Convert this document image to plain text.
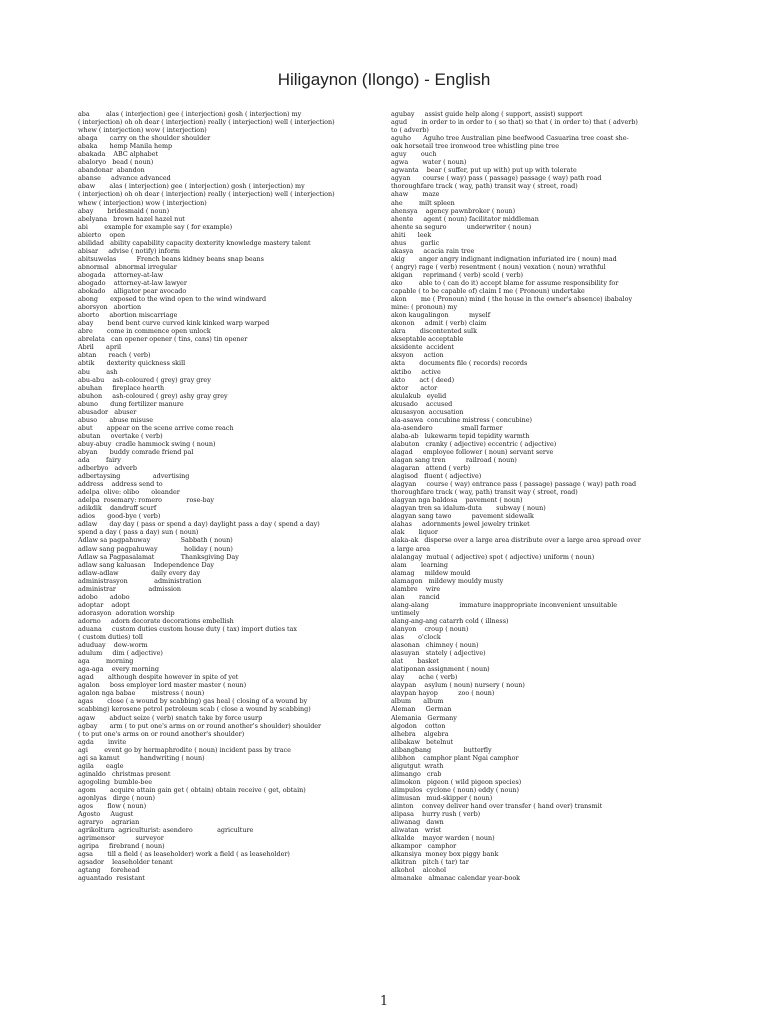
Hiligaynon (Ilongo) - English
aba        alas ( interjection) gee ( interjection) gosh ( interjection) my
( interjection) oh oh dear ( interjection) really ( interjection) well ( interjection)
whew ( interjection) wow ( interjection)
abaga      carry on the shoulder shoulder
abaka      hemp Manila hemp
abakada    ABC alphabet
abaloryo   bead ( noun)
abandonar  abandon
abanse     advance advanced
abaw       alas ( interjection) gee ( interjection) gosh ( interjection) my
( interjection) oh oh dear ( interjection) really ( interjection) well ( interjection)
whew ( interjection) wow ( interjection)
abay       bridesmaid ( noun)
abelyana   brown hazel hazel nut
abi        example for example say ( for example)
abierto    open
abilidad   ability capability capacity dexterity knowledge mastery talent
abisar     advise ( notify) inform
abitsuwelas          French beans kidney beans snap beans
abnormal   abnormal irregular
abogada    attorney-at-law
abogado    attorney-at-law lawyer
abokado    alligator pear avocado
abong      exposed to the wind open to the wind windward
aborsyon   abortion
aborto     abortion miscarriage
abay       bend bent curve curved kink kinked warp warped
abre       come in commence open unlock
abrelata   can opener opener ( tins, cans) tin opener
Abril      april
abtan      reach ( verb)
abtik      dexterity quickness skill
abu        ash
abu-abu    ash-coloured ( grey) gray grey
abuhan     fireplace hearth
abuhon     ash-coloured ( grey) ashy gray grey
abuno      dung fertilizer manure
abusador   abuser
abuso      abuse misuse
abut       appear on the scene arrive come reach
abutan     overtake ( verb)
abuy-abuy  cradle hammock swing ( noun)
abyan      buddy comrade friend pal
ada        fairy
adberbyo   adverb
adbertaysing                advertising
address    address send to
adelpa  olive: olibo      oleander
adelpa  rosemary: romero            rose-bay
adikdik    dandruff scurf
adios      good-bye ( verb)
adlaw      day day ( pass or spend a day) daylight pass a day ( spend a day)
spend a day ( pass a day) sun ( noun)
Adlaw sa pagpahuway               Sabbath ( noun)
adlaw sang pagpahuway             holiday ( noun)
Adlaw sa Pagpasalamat             Thanksgiving Day
adlaw sang kaluasan    Independence Day
adlaw-adlaw                daily every day
administrasyon             administration
administrar                admission
adobo      adobo
adoptar    adopt
adorasyon  adoration worship
adorno     adorn decorate decorations embellish
aduana     custom duties custom house duty ( tax) import duties tax
( custom duties) toll
aduduay    dew-worm
adulum     dim ( adjective)
aga        morning
aga-aga    every morning
agad       although despite however in spite of yet
agalon     boss employer lord master master ( noun)
agalon nga babae        mistress ( noun)
agas       close ( a wound by scabbing) gas heal ( closing of a wound by
scabbing) kerosene petrol petroleum scab ( close a wound by scabbing)
agaw       abduct seize ( verb) snatch take by force usurp
agbay      arm ( to put one's arms on or round another's shoulder) shoulder
( to put one's arms on or round another's shoulder)
agda       invite
agi        event go by hermaphrodite ( noun) incident pass by trace
agi sa kamut          handwriting ( noun)
agila      eagle
aginaldo   christmas present
agogoling  bumble-bee
agom       acquire attain gain get ( obtain) obtain receive ( get, obtain)
agonlyas   dirge ( noun)
agos       flow ( noun)
Agosto     August
agraryo    agrarian
agrikoltura  agriculturist: asendero            agriculture
agrimensor          surveyor
agripa     firebrand ( noun)
agsa       till a field ( as leaseholder) work a field ( as leaseholder)
agsador    leaseholder tenant
agtang     forehead
aguantado  resistant
agubay     assist guide help along ( support, assist) support
agud       in order to in order to ( so that) so that ( in order to) that ( adverb)
to ( adverb)
aguho      Aguho tree Australian pine beefwood Casuarina tree coast she-
oak horsetail tree ironwood tree whistling pine tree
aguy       ouch
agwa       water ( noun)
agwanta    bear ( suffer, put up with) put up with tolerate
agyan      course ( way) pass ( passage) passage ( way) path road
thoroughfare track ( way, path) transit way ( street, road)
ahaw       maze
ahe        milt spleen
ahensya    agency pawnbroker ( noun)
ahente     agent ( noun) facilitator middleman
ahente sa seguro          underwriter ( noun)
ahiti      leek
ahus       garlic
akasya     acacia rain tree
akig       anger angry indignant indignation infuriated ire ( noun) mad
( angry) rage ( verb) resentment ( noun) vexation ( noun) wrathful
akigan     reprimand ( verb) scold ( verb)
ako        able to ( can do it) accept blame for assume responsibility for
capable ( to be capable of) claim I me ( Pronoun) undertake
akon       me ( Pronoun) mind ( the house in the owner's absence) ibabaloy
mine: ( pronoun) my
akon kaugalingon          myself
akonon     admit ( verb) claim
akra       discontented sulk
akseptable acceptable
aksidente  accident
aksyon     action
akta       documents file ( records) records
aktibo     active
akto       act ( deed)
aktor      actor
akulakub   eyelid
akusado    accused
akusasyon  accusation
ala-asawa  concubine mistress ( concubine)
ala-asendero              small farmer
alaba-ab   lukewarm tepid tepidity warmth
alabuton   cranky ( adjective) eccentric ( adjective)
alagad     employee follower ( noun) servant serve
alagan sang tren          railroad ( noun)
alagaran   attend ( verb)
alagisod   fluent ( adjective)
alagyan     course ( way) entrance pass ( passage) passage ( way) path road
thoroughfare track ( way, path) transit way ( street, road)
alagyan nga baldosa    pavement ( noun)
alagyan tren sa idalum-duta       subway ( noun)
alagyan sang tawo          pavement sidewalk
alahas     adornments jewel jewelry trinket
alak       liquor
alaka-ak   disperse over a large area distribute over a large area spread over
a large area
alalangay  mutual ( adjective) spot ( adjective) uniform ( noun)
alam       learning
alamag     mildew mould
alamagon   mildewy mouldy musty
alambre    wire
alan       rancid
alang-alang               immature inappropriate inconvenient unsuitable
untimely
alang-ang-ang catarrh cold ( illness)
alanyon    croup ( noun)
alas       o'clock
alasonan   chimney ( noun)
alasuyan   stately ( adjective)
alat       basket
alatiponan assignment ( noun)
alay       ache ( verb)
alaypan    asylum ( noun) nursery ( noun)
alaypan hayop          zoo ( noun)
album      album
Aleman     German
Alemania   Germany
algodon    cotton
alhebra    algebra
alibakaw   betelnut
alibangbang                butterfly
alibhon    camphor plant Ngai camphor
aligutgut  wrath
alimango   crab
alimokon   pigeon ( wild pigeon species)
alimpulos  cyclone ( noun) eddy ( noun)
alimusan   mud-skipper ( noun)
alinton    convey deliver hand over transfer ( hand over) transmit
alipasa    hurry rush ( verb)
aliwanag   dawn
aliwatan   wrist
alkalde    mayor warden ( noun)
alkampor   camphor
alkansiya  money box piggy bank
alkitran   pitch ( tar) tar
alkohol    alcohol
almanake   almanac calendar year-book
1
